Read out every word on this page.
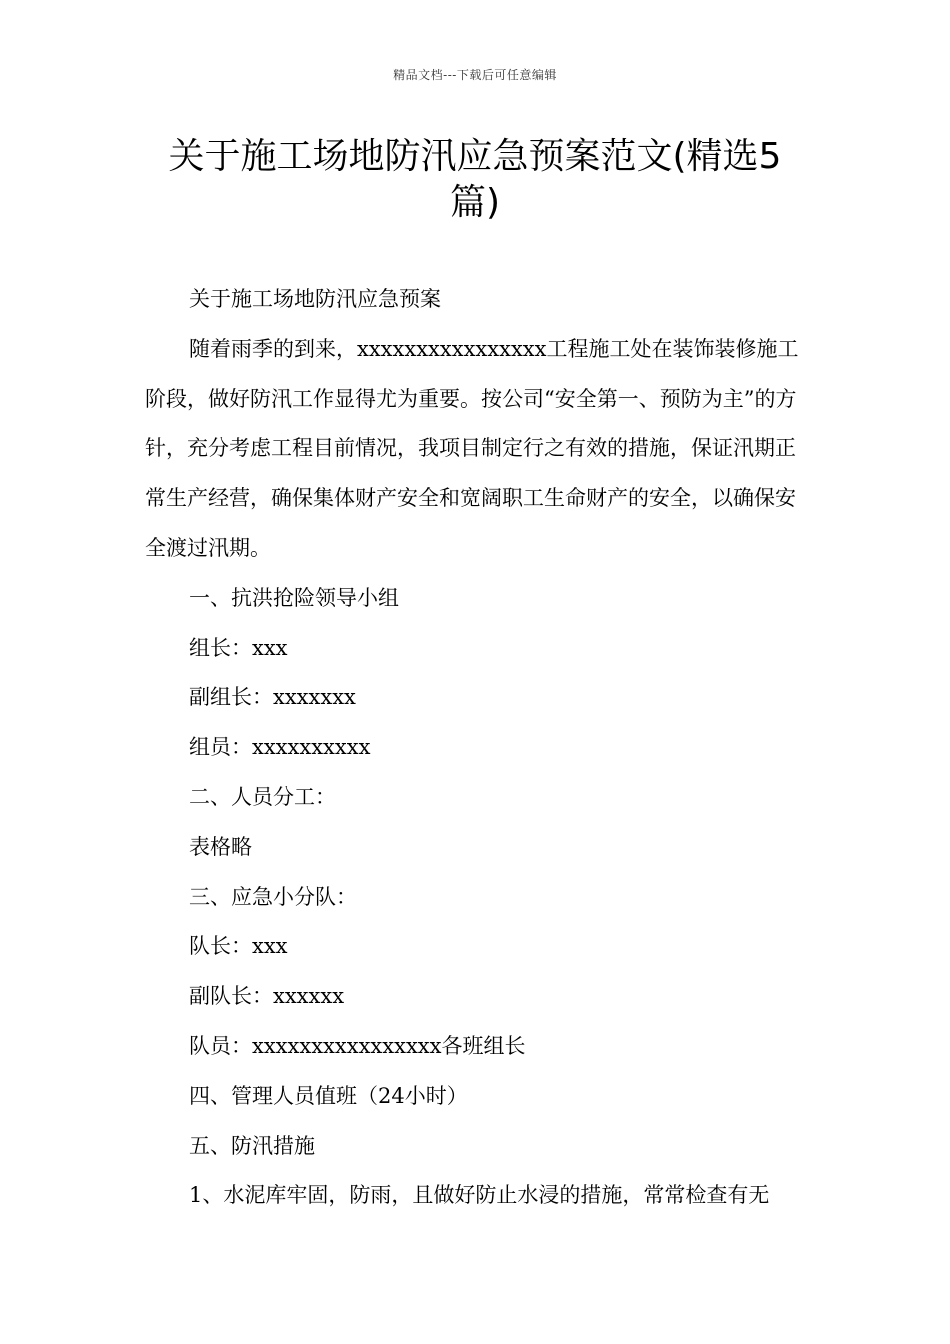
精品文档---下载后可任意编辑
关于施工场地防汛应急预案范文(精选5
篇)

关于施工场地防汛应急预案

随着雨季的到来，xxxxxxxxxxxxxxxx工程施工处在装饰装修施工阶段，做好防汛工作显得尤为重要。按公司“安全第一、预防为主”的方针，充分考虑工程目前情况，我项目制定行之有效的措施，保证汛期正常生产经营，确保集体财产安全和宽阔职工生命财产的安全，以确保安全渡过汛期。

一、抗洪抢险领导小组

组长：xxx

副组长：xxxxxxx

组员：xxxxxxxxxx

二、人员分工：

表格略

三、应急小分队：

队长：xxx

副队长：xxxxxx

队员：xxxxxxxxxxxxxxxx各班组长

四、管理人员值班（24小时）

五、防汛措施

1、水泥库牢固，防雨，且做好防止水浸的措施，常常检查有无
